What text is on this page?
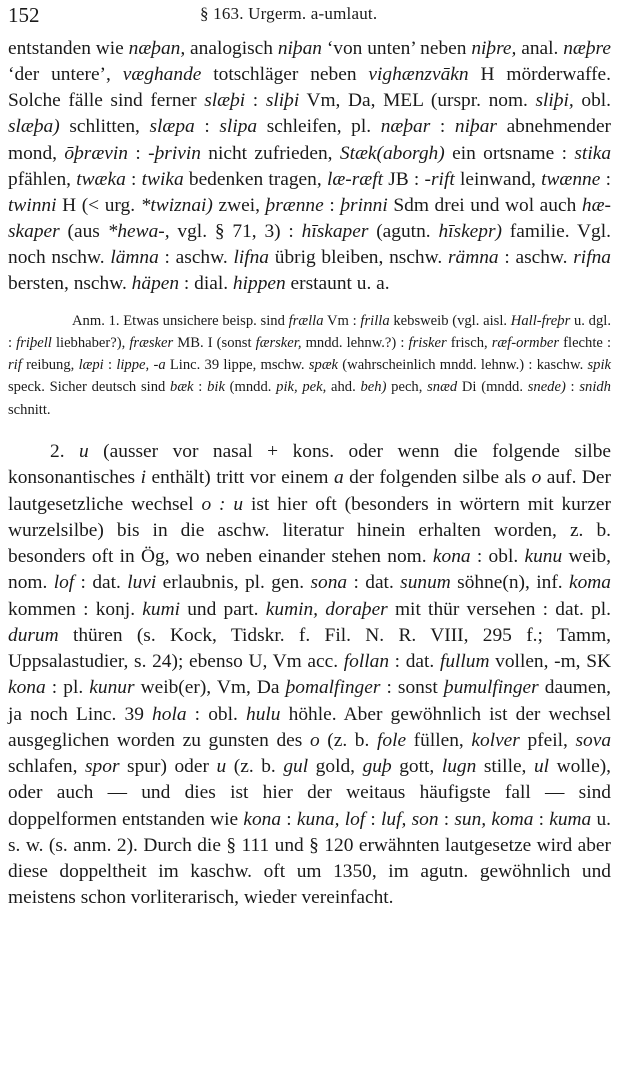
152	§ 163. Urgerm. a-umlaut.

entstanden wie næþan, analogisch niþan ‘von unten’ neben niþre, anal. næþre ‘der untere’, væghande totschläger neben vighænzvākn H mörderwaffe. Solche fälle sind ferner slæþi : sliþi Vm, Da, MEL (urspr. nom. sliþi, obl. slæþa) schlitten, slæpa : slipa schleifen, pl. næþar : niþar abnehmender mond, ōþrævin : -þrivin nicht zufrieden, Stæk(aborgh) ein ortsname : stika pfählen, twæka : twika bedenken tragen, læ-ræft JB : -rift leinwand, twænne : twinni H (< urg. *twiznai) zwei, þrænne : þrinni Sdm drei und wol auch hæ-skaper (aus *hewa-, vgl. § 71, 3) : hīskaper (agutn. hīskepr) familie. Vgl. noch nschw. lämna : aschw. lifna übrig bleiben, nschw. rämna : aschw. rifna bersten, nschw. häpen : dial. hippen erstaunt u. a.

Anm. 1. Etwas unsichere beisp. sind frælla Vm : frilla kebsweib (vgl. aisl. Hall-freþr u. dgl. : friþell liebhaber?), fræsker MB. I (sonst færsker, mndd. lehnw.?) : frisker frisch, ræf-ormber flechte : rif reibung, læpi : lippe, -a Linc. 39 lippe, mschw. spæk (wahrscheinlich mndd. lehnw.) : kaschw. spik speck. Sicher deutsch sind bæk : bik (mndd. pik, pek, ahd. beh) pech, snæd Di (mndd. snede) : snidh schnitt.

2. u (ausser vor nasal + kons. oder wenn die folgende silbe konsonantisches i enthält) tritt vor einem a der folgenden silbe als o auf. Der lautgesetzliche wechsel o : u ist hier oft (besonders in wörtern mit kurzer wurzelsilbe) bis in die aschw. literatur hinein erhalten worden, z. b. besonders oft in Ög, wo neben einander stehen nom. kona : obl. kunu weib, nom. lof : dat. luvi erlaubnis, pl. gen. sona : dat. sunum söhne(n), inf. koma kommen : konj. kumi und part. kumin, doraþer mit thür versehen : dat. pl. durum thüren (s. Kock, Tidskr. f. Fil. N. R. VIII, 295 f.; Tamm, Uppsalastudier, s. 24); ebenso U, Vm acc. follan : dat. fullum vollen, -m, SK kona : pl. kunur weib(er), Vm, Da þomalfinger : sonst þumulfinger daumen, ja noch Linc. 39 hola : obl. hulu höhle. Aber gewöhnlich ist der wechsel ausgeglichen worden zu gunsten des o (z. b. fole füllen, kolver pfeil, sova schlafen, spor spur) oder u (z. b. gul gold, guþ gott, lugn stille, ul wolle), oder auch — und dies ist hier der weitaus häufigste fall — sind doppelformen entstanden wie kona : kuna, lof : luf, son : sun, koma : kuma u. s. w. (s. anm. 2). Durch die § 111 und § 120 erwähnten lautgesetze wird aber diese doppeltheit im kaschw. oft um 1350, im agutn. gewöhnlich und meistens schon vorliterarisch, wieder vereinfacht.
